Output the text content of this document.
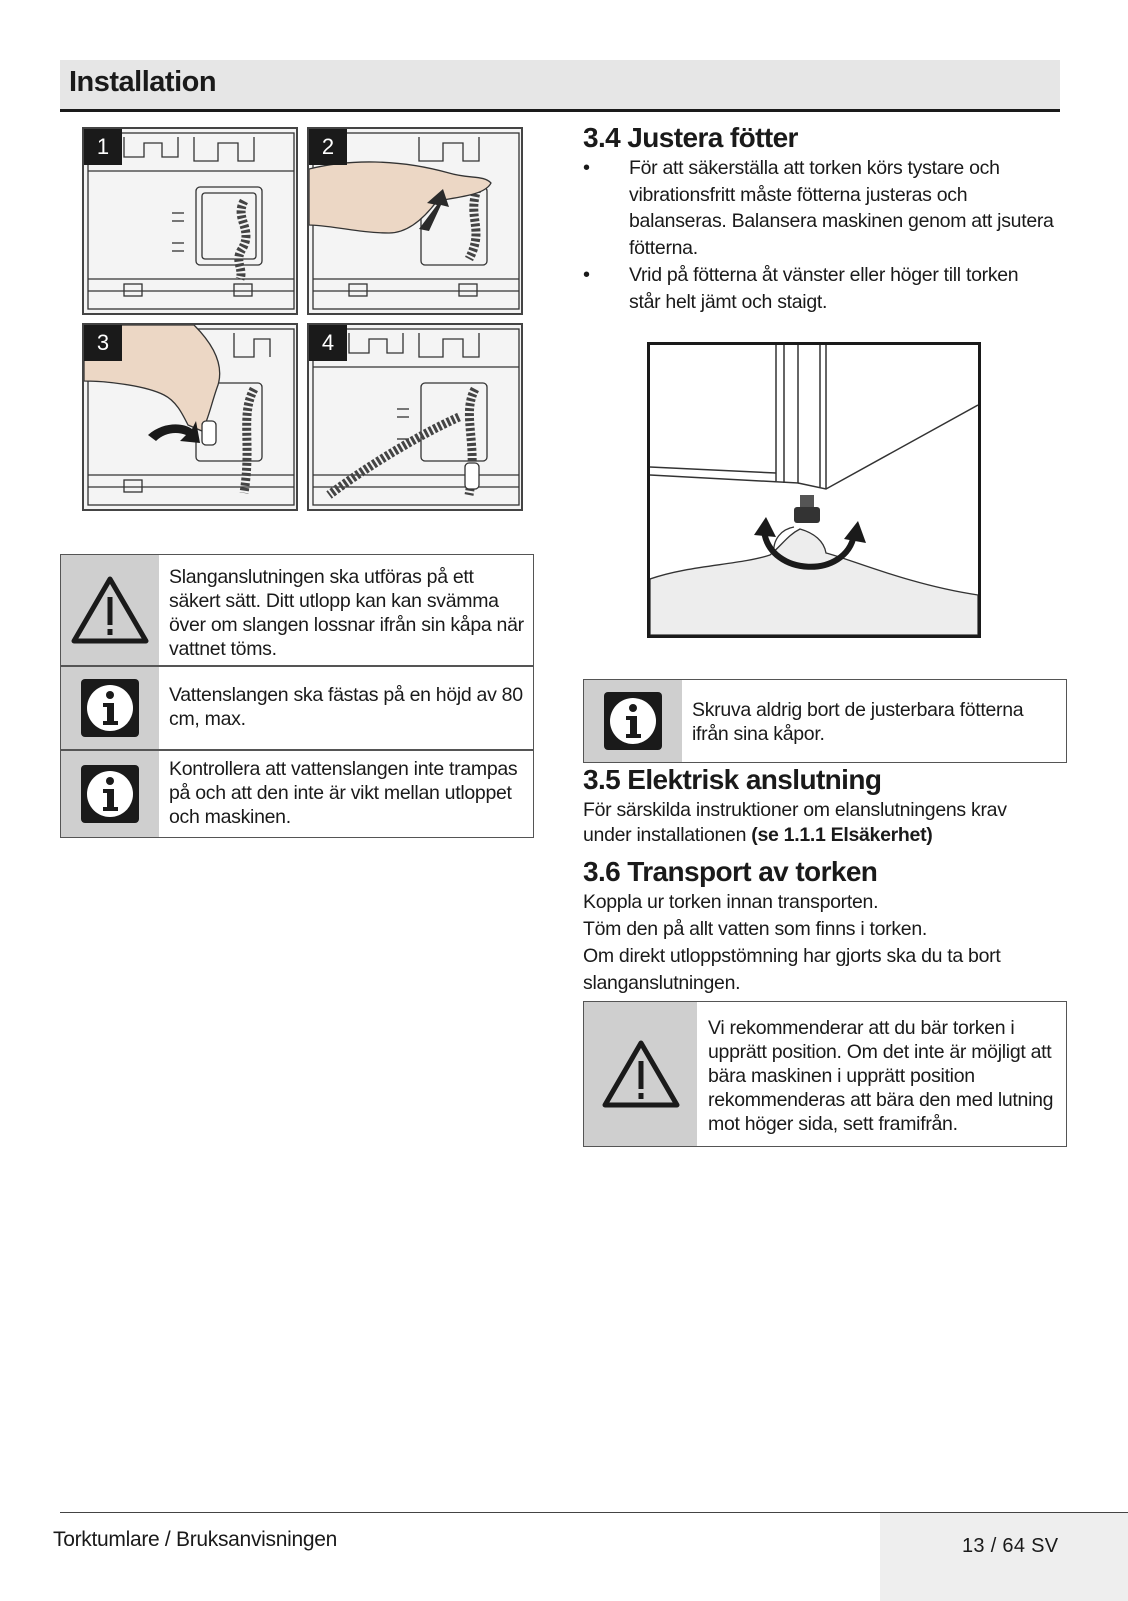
Installation
1	2
3	4
Slanganslutningen ska utföras på ett säkert sätt. Ditt utlopp kan kan svämma över om slangen lossnar ifrån sin kåpa när vattnet töms.
Vattenslangen ska fästas på en höjd av 80 cm, max.
Kontrollera att vattenslangen inte trampas på och att den inte är vikt mellan utloppet och maskinen.
3.4 Justera fötter
• För att säkerställa att torken körs tystare och vibrationsfritt måste fötterna justeras och balanseras. Balansera maskinen genom att jsutera fötterna.
• Vrid på fötterna åt vänster eller höger till torken står helt jämt och staigt.
Skruva aldrig bort de justerbara fötterna ifrån sina kåpor.
3.5 Elektrisk anslutning
För särskilda instruktioner om elanslutningens krav under installationen (se 1.1.1 Elsäkerhet)
3.6 Transport av torken
Koppla ur torken innan transporten.
Töm den på allt vatten som finns i torken.
Om direkt utloppstömning har gjorts ska du ta bort slanganslutningen.
Vi rekommenderar att du bär torken i upprätt position. Om det inte är möjligt att bära maskinen i upprätt position rekommenderas att bära den med lutning mot höger sida, sett framifrån.
Torktumlare / Bruksanvisningen	13 / 64 SV
